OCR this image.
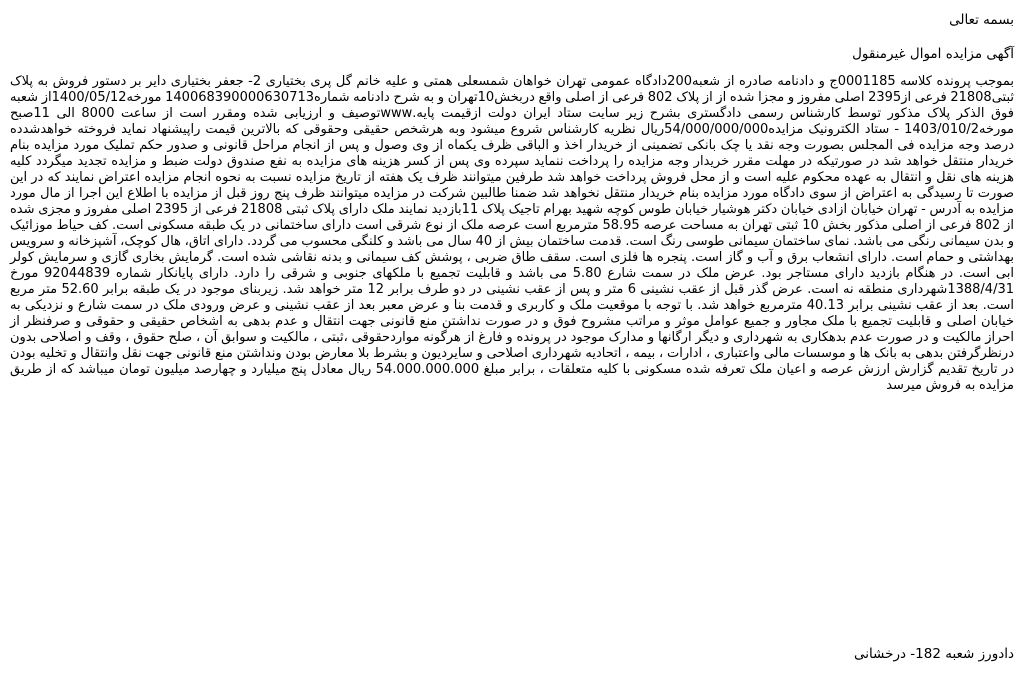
بسمه تعالی
آگهی مزایده اموال غیرمنقول
بموجب پرونده کلاسه 0001185ج و دادنامه صادره از شعبه200دادگاه عمومی تهران خواهان شمسعلی همتی و علیه خانم گل پری بختیاری 2- جعفر بختیاری دایر بر دستور فروش به پلاک ثبتی21808 فرعی از2395 اصلی مفروز و مجزا شده از از پلاک 802 فرعی از اصلی واقع دربخش10تهران و به شرح دادنامه شماره140068390000630713 مورخه1400/05/12از شعبه فوق الذکر پلاک مذکور توسط کارشناس رسمی دادگستری بشرح زیر سایت ستاد ایران دولت ازقیمت پایه.wwwتوصیف و ارزیابی شده ومقرر است از ساعت 8000 الی 11صبح مورخه1403/010/2 - ستاد الکترونیک مزایده54/000/000/000ریال نظریه کارشناس شروع میشود وبه هرشخص حقیقی وحقوقی که بالاترین قیمت راپیشنهاد نماید فروخته خواهدشدده درصد وجه مزایده فی المجلس بصورت وجه نقد یا چک بانکی تضمینی از خریدار اخذ و الباقی ظرف یکماه از وی وصول و پس از انجام مراحل قانونی و صدور حکم تملیک مورد مزایده بنام خریدار منتقل خواهد شد در صورتیکه در مهلت مقرر خریدار وجه مزایده را پرداخت ننماید سپرده وی پس از کسر هزینه های مزایده به نفع صندوق دولت ضبط و مزایده تجدید میگردد کلیه هزینه های نقل و انتقال به عهده محکوم علیه است و از محل فروش پرداخت خواهد شد طرفین میتوانند ظرف یک هفته از تاریخ مزایده نسبت به نحوه انجام مزایده اعتراض نمایند که در این صورت تا رسیدگی به اعتراض از سوی دادگاه مورد مزایده بنام خریدار منتقل نخواهد شد ضمنا طالبین شرکت در مزایده میتوانند ظرف پنج روز قبل از مزایده با اطلاع این اجرا از مال مورد مزایده به آدرس - تهران خیابان ازادی خیابان دکتر هوشیار خیابان طوس کوچه شهید بهرام تاجیک پلاک 11بازدید نمایند ملک دارای پلاک ثبتی 21808 فرعی از 2395 اصلی مفروز و مجزی شده از 802 فرعی از اصلی مذکور بخش 10 ثبتی تهران به مساحت عرصه 58.95 مترمربع است عرصه ملک از نوع شرقی است دارای ساختمانی در یک طبقه مسکونی است. کف حیاط موزائیک و بدن سیمانی رنگی می باشد. نمای ساختمان سیمانی طوسی رنگ است. قدمت ساختمان بیش از 40 سال می باشد و کلنگی محسوب می گردد. دارای اتاق، هال کوچک، آشپزخانه و سرویس بهداشتی و حمام است. دارای انشعاب برق و آب و گاز است. پنجره ها فلزی است. سقف طاق ضربی ، پوشش کف سیمانی و بدنه نقاشی شده است. گرمایش بخاری گازی و سرمایش کولر ابی است. در هنگام بازدید دارای مستاجر بود. عرض ملک در سمت شارع 5.80 می باشد و قابلیت تجمیع با ملکهای جنوبی و شرقی را دارد. دارای پایانکار شماره 92044839 مورخ 1388/4/31شهرداری منطقه نه است. عرض گذر قبل از عقب نشینی 6 متر و پس از عقب نشینی در دو طرف برابر 12 متر خواهد شد. زیربنای موجود در یک طبقه برابر 52.60 متر مربع است. بعد از عقب نشینی برابر 40.13 مترمربع خواهد شد. با توجه با موقعیت ملک و کاربری و قدمت بنا و عرض معبر بعد از عقب نشینی و عرض ورودی ملک در سمت شارع و نزدیکی به خیابان اصلی و قابلیت تجمیع با ملک مجاور و جمیع عوامل موثر و مراتب مشروح فوق و در صورت نداشتن منع قانونی جهت انتقال و عدم بدهی به اشخاص حقیقی و حقوقی و صرفنظر از احراز مالکیت و در صورت عدم بدهکاری به شهرداری و دیگر ارگانها و مدارک موجود در پرونده و فارغ از هرگونه مواردحقوقی ،ثبتی ، مالکیت و سوابق آن ، صلح حقوق ، وقف و اصلاحی بدون درنظرگرفتن بدهی به بانک ها و موسسات مالی واعتباری ، ادارات ، بیمه ، اتحادیه شهرداری اصلاحی و سایردیون و بشرط بلا معارض بودن ونداشتن منع قانونی جهت نقل وانتقال و تخلیه بودن در تاریخ تقدیم گزارش ارزش عرصه و اعیان ملک تعرفه شده مسکونی با کلیه متعلقات ، برابر مبلغ 54.000.000.000 ریال معادل پنج میلیارد و چهارصد میلیون تومان میباشد که از طریق مزایده به فروش میرسد
دادورز شعبه 182- درخشانی
